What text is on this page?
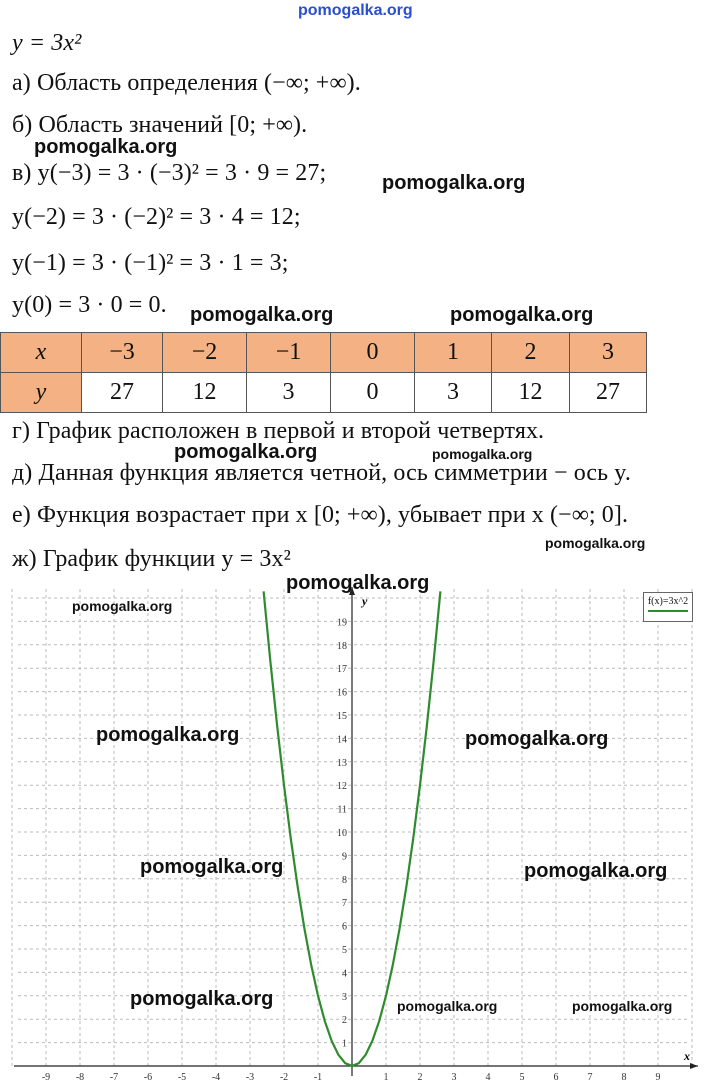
pomogalka.org
y = 3x²
а) Область определения (−∞; +∞).
б) Область значений [0; +∞).
в) y(−3) = 3 · (−3)² = 3 · 9 = 27;
y(−2) = 3 · (−2)² = 3 · 4 = 12;
y(−1) = 3 · (−1)² = 3 · 1 = 3;
y(0) = 3 · 0 = 0.
x	−3	−2	−1	0	1	2	3
y	27	12	3	0	3	12	27
г) График расположен в первой и второй четвертях.
д) Данная функция является четной, ось симметрии − ось y.
е) Функция возрастает при x [0; +∞), убывает при x (−∞; 0].
ж) График функции y = 3x²
x
y
-9	-8	-7	-6	-5	-4	-3	-2	-1	1	2	3	4	5	6	7	8	9
1
2
3
4
5
6
7
8
9
10
11
12
13
14
15
16
17
18
19
f(x)=3x^2
pomogalka.org
pomogalka.org
pomogalka.org	pomogalka.org
pomogalka.org	pomogalka.org
pomogalka.org
pomogalka.org
pomogalka.org
pomogalka.org	pomogalka.org
pomogalka.org	pomogalka.org
pomogalka.org	pomogalka.org	pomogalka.org
